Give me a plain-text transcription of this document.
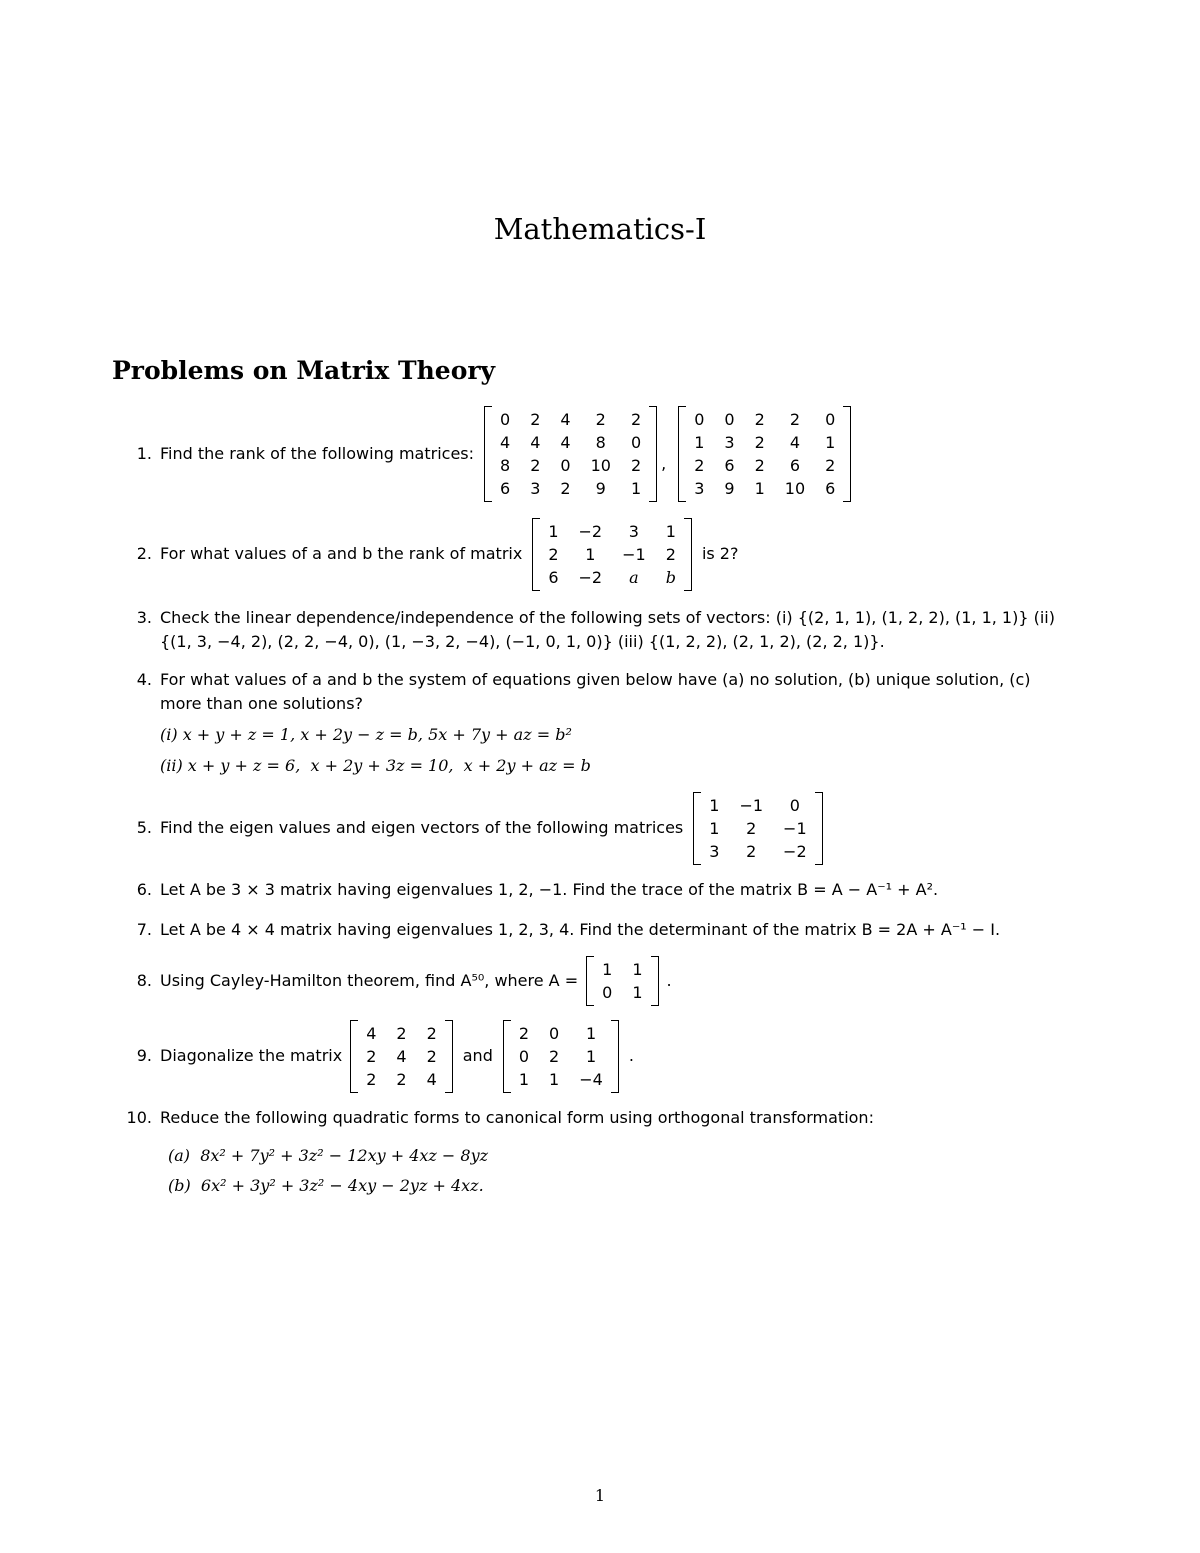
Mathematics-I
Problems on Matrix Theory
1. Find the rank of the following matrices:
0 2 4	2	2
4 4 4	8	0
8 2 0 10 2
6 3 2	9	1
,
0 0 2	2	0
1 3 2	4	1
2 6 2	6	2
3 9 1 10 6
2. For what values of a and b the rank of matrix
1 −2	3	1
2	1	−1 2
6 −2	a	b
is 2?
3. Check the linear dependence/independence of the following sets of vectors: (i) {(2, 1, 1), (1, 2, 2), (1, 1, 1)} (ii)
{(1, 3, −4, 2), (2, 2, −4, 0), (1, −3, 2, −4), (−1, 0, 1, 0)} (iii) {(1, 2, 2), (2, 1, 2), (2, 2, 1)}.
4. For what values of a and b the system of equations given below have (a) no solution, (b) unique solution, (c)
more than one solutions?
(i) x + y + z = 1, x + 2y − z = b, 5x + 7y + az = b²
(ii) x + y + z = 6,  x + 2y + 3z = 10,  x + 2y + az = b
5. Find the eigen values and eigen vectors of the following matrices
1 −1	0
1	2	−1
3	2	−2
6. Let A be 3 × 3 matrix having eigenvalues 1, 2, −1. Find the trace of the matrix B = A − A⁻¹ + A².
7. Let A be 4 × 4 matrix having eigenvalues 1, 2, 3, 4. Find the determinant of the matrix B = 2A + A⁻¹ − I.
8. Using Cayley-Hamilton theorem, find A⁵⁰, where A =
1 1
0 1
.
9. Diagonalize the matrix
4 2 2
2 4 2
2 2 4
and
2 0	1
0 2	1
1 1 −4
.
10. Reduce the following quadratic forms to canonical form using orthogonal transformation:
(a)  8x² + 7y² + 3z² − 12xy + 4xz − 8yz
(b)  6x² + 3y² + 3z² − 4xy − 2yz + 4xz.
1
